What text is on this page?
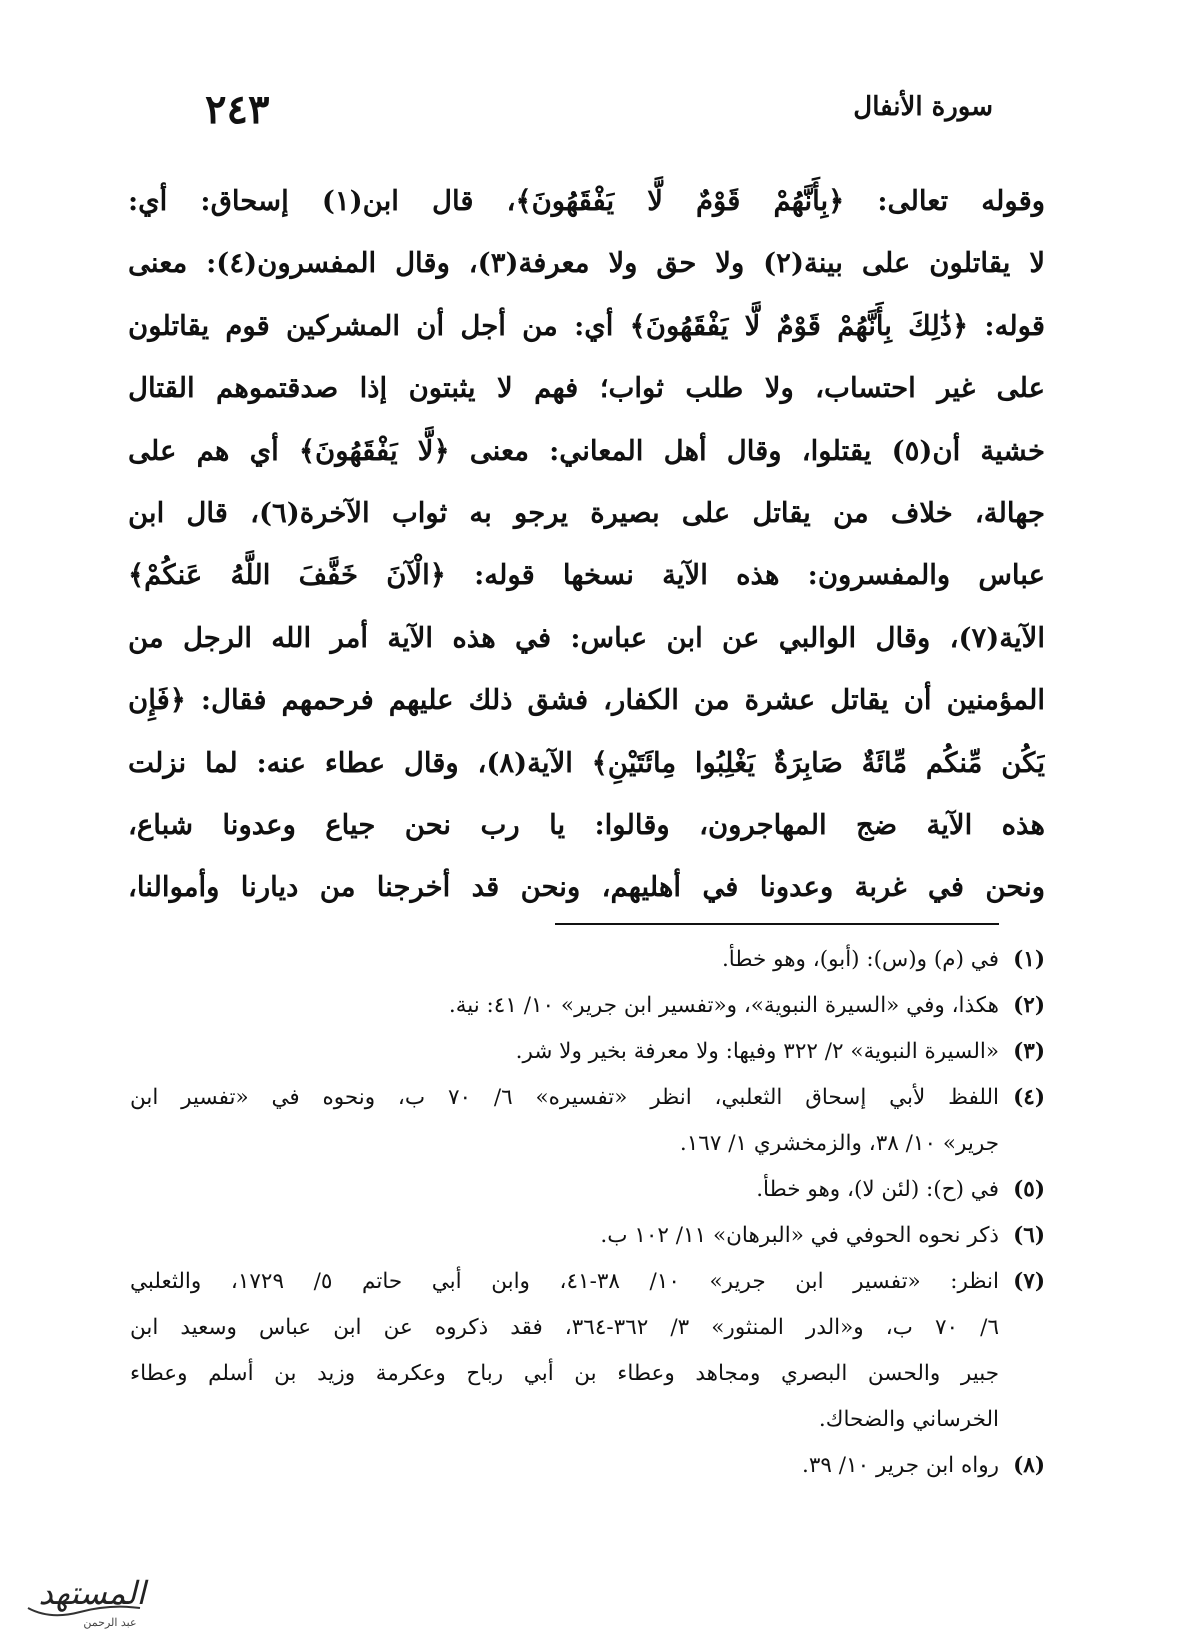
٢٤٣	سورة الأنفال
وقوله تعالى: ﴿بِأَنَّهُمْ قَوْمٌ لَّا يَفْقَهُونَ﴾، قال ابن(١) إسحاق: أي:
لا يقاتلون على بينة(٢) ولا حق ولا معرفة(٣)، وقال المفسرون(٤): معنى
قوله: ﴿ذَٰلِكَ بِأَنَّهُمْ قَوْمٌ لَّا يَفْقَهُونَ﴾ أي: من أجل أن المشركين قوم يقاتلون
على غير احتساب، ولا طلب ثواب؛ فهم لا يثبتون إذا صدقتموهم القتال
خشية أن(٥) يقتلوا، وقال أهل المعاني: معنى ﴿لَّا يَفْقَهُونَ﴾ أي هم على
جهالة، خلاف من يقاتل على بصيرة يرجو به ثواب الآخرة(٦)، قال ابن
عباس والمفسرون: هذه الآية نسخها قوله: ﴿الْآنَ خَفَّفَ اللَّهُ عَنكُمْ﴾
الآية(٧)، وقال الوالبي عن ابن عباس: في هذه الآية أمر الله الرجل من
المؤمنين أن يقاتل عشرة من الكفار، فشق ذلك عليهم فرحمهم فقال: ﴿فَإِن
يَكُن مِّنكُم مِّائَةٌ صَابِرَةٌ يَغْلِبُوا مِائَتَيْنِ﴾ الآية(٨)، وقال عطاء عنه: لما نزلت
هذه الآية ضج المهاجرون، وقالوا: يا رب نحن جياع وعدونا شباع،
ونحن في غربة وعدونا في أهليهم، ونحن قد أخرجنا من ديارنا وأموالنا،
(١)
في (م) و(س): (أبو)، وهو خطأ.
(٢)
هكذا، وفي «السيرة النبوية»، و«تفسير ابن جرير» ١٠/ ٤١: نية.
(٣)
«السيرة النبوية» ٢/ ٣٢٢ وفيها: ولا معرفة بخير ولا شر.
(٤)
اللفظ لأبي إسحاق الثعلبي، انظر «تفسيره» ٦/ ٧٠ ب، ونحوه في «تفسير ابن
جرير» ١٠/ ٣٨، والزمخشري ١/ ١٦٧.
(٥)
في (ح): (لئن لا)، وهو خطأ.
(٦)
ذكر نحوه الحوفي في «البرهان» ١١/ ١٠٢ ب.
(٧)
انظر: «تفسير ابن جرير» ١٠/ ٣٨-٤١، وابن أبي حاتم ٥/ ١٧٢٩، والثعلبي
٦/ ٧٠ ب، و«الدر المنثور» ٣/ ٣٦٢-٣٦٤، فقد ذكروه عن ابن عباس وسعيد ابن
جبير والحسن البصري ومجاهد وعطاء بن أبي رباح وعكرمة وزيد بن أسلم وعطاء
الخرساني والضحاك.
(٨)
رواه ابن جرير ١٠/ ٣٩.
المستهد
عبد الرحمن
